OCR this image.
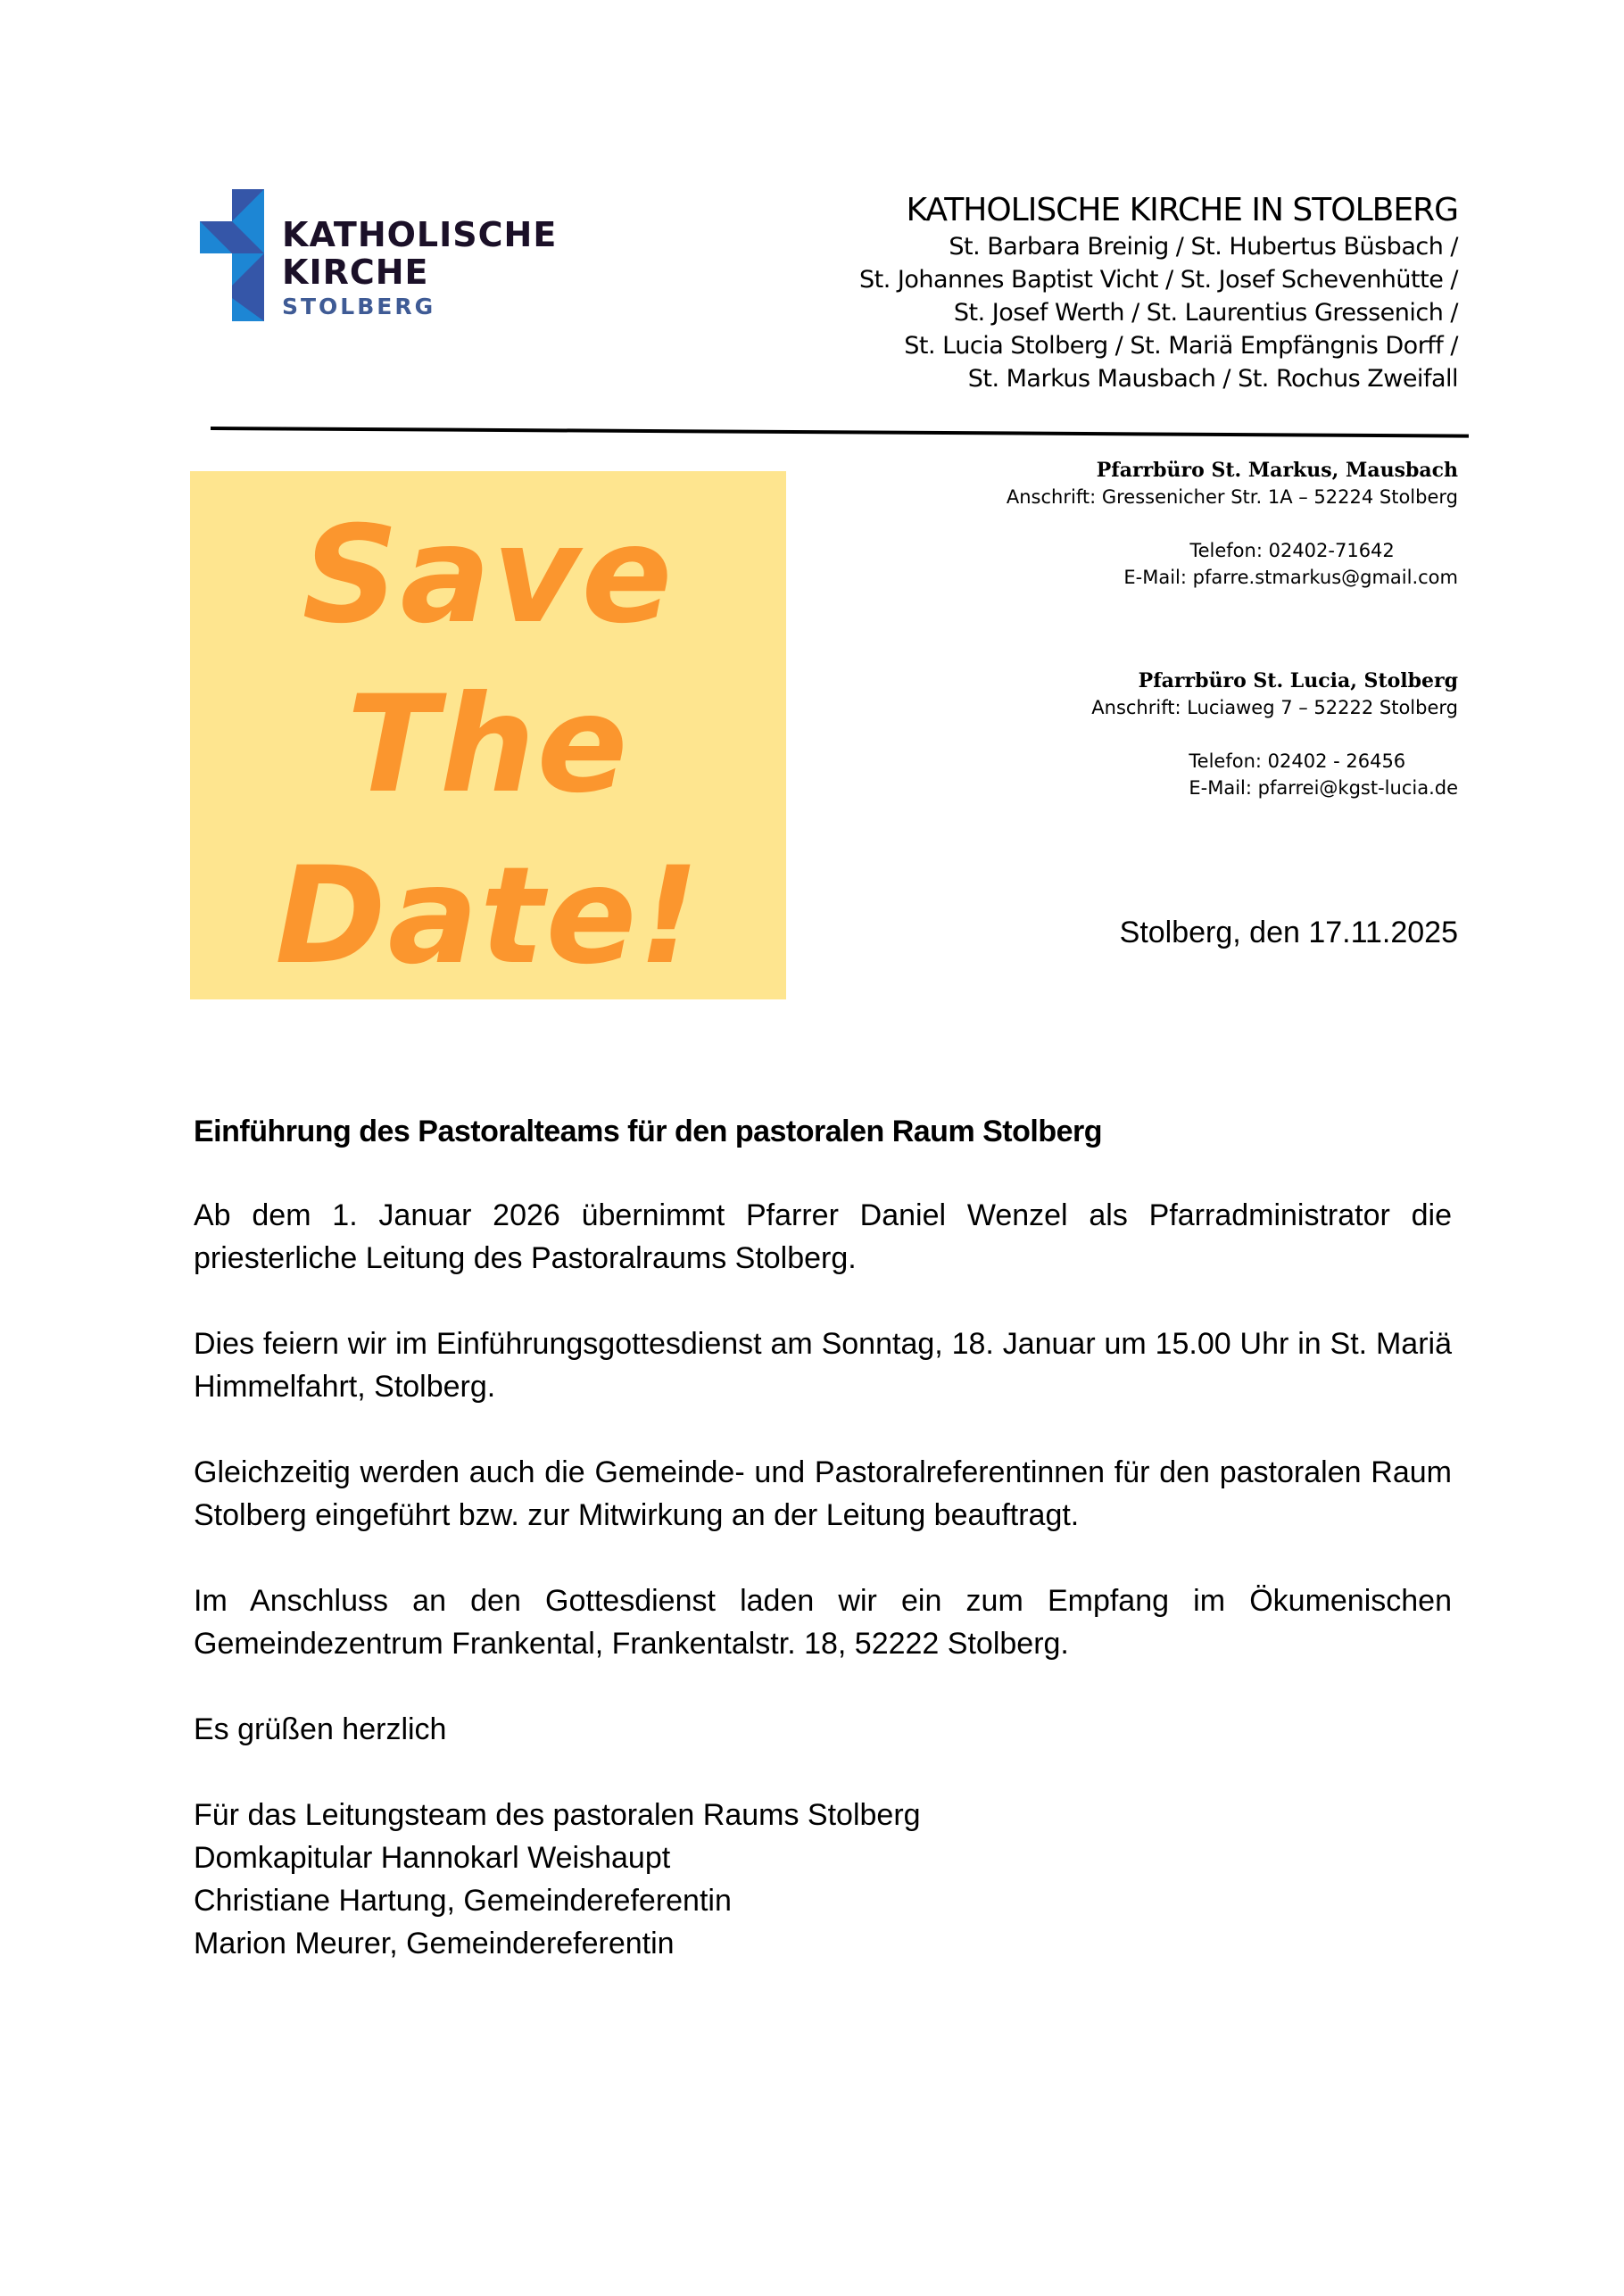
KATHOLISCHE
KIRCHE
STOLBERG
KATHOLISCHE KIRCHE IN STOLBERG
St. Barbara Breinig / St. Hubertus Büsbach /
St. Johannes Baptist Vicht / St. Josef Schevenhütte /
St. Josef Werth / St. Laurentius Gressenich /
St. Lucia Stolberg / St. Mariä Empfängnis Dorff /
St. Markus Mausbach / St. Rochus Zweifall
Save
The
Date!
Pfarrbüro St. Markus, Mausbach
Anschrift: Gressenicher Str. 1A – 52224 Stolberg
Telefon: 02402-71642
E-Mail: pfarre.stmarkus@gmail.com
Pfarrbüro St. Lucia, Stolberg
Anschrift: Luciaweg 7 – 52222 Stolberg
Telefon: 02402 - 26456
E-Mail: pfarrei@kgst-lucia.de
Stolberg, den 17.11.2025
Einführung des Pastoralteams für den pastoralen Raum Stolberg
Ab dem 1. Januar 2026 übernimmt Pfarrer Daniel Wenzel als Pfarradministrator die priesterliche Leitung des Pastoralraums Stolberg.
Dies feiern wir im Einführungsgottesdienst am Sonntag, 18. Januar um 15.00 Uhr in St. Mariä Himmelfahrt, Stolberg.
Gleichzeitig werden auch die Gemeinde- und Pastoralreferentinnen für den pastoralen Raum Stolberg eingeführt bzw. zur Mitwirkung an der Leitung beauftragt.
Im Anschluss an den Gottesdienst laden wir ein zum Empfang im Ökumenischen Gemeindezentrum Frankental, Frankentalstr. 18, 52222 Stolberg.
Es grüßen herzlich
Für das Leitungsteam des pastoralen Raums Stolberg
Domkapitular Hannokarl Weishaupt
Christiane Hartung, Gemeindereferentin
Marion Meurer, Gemeindereferentin
